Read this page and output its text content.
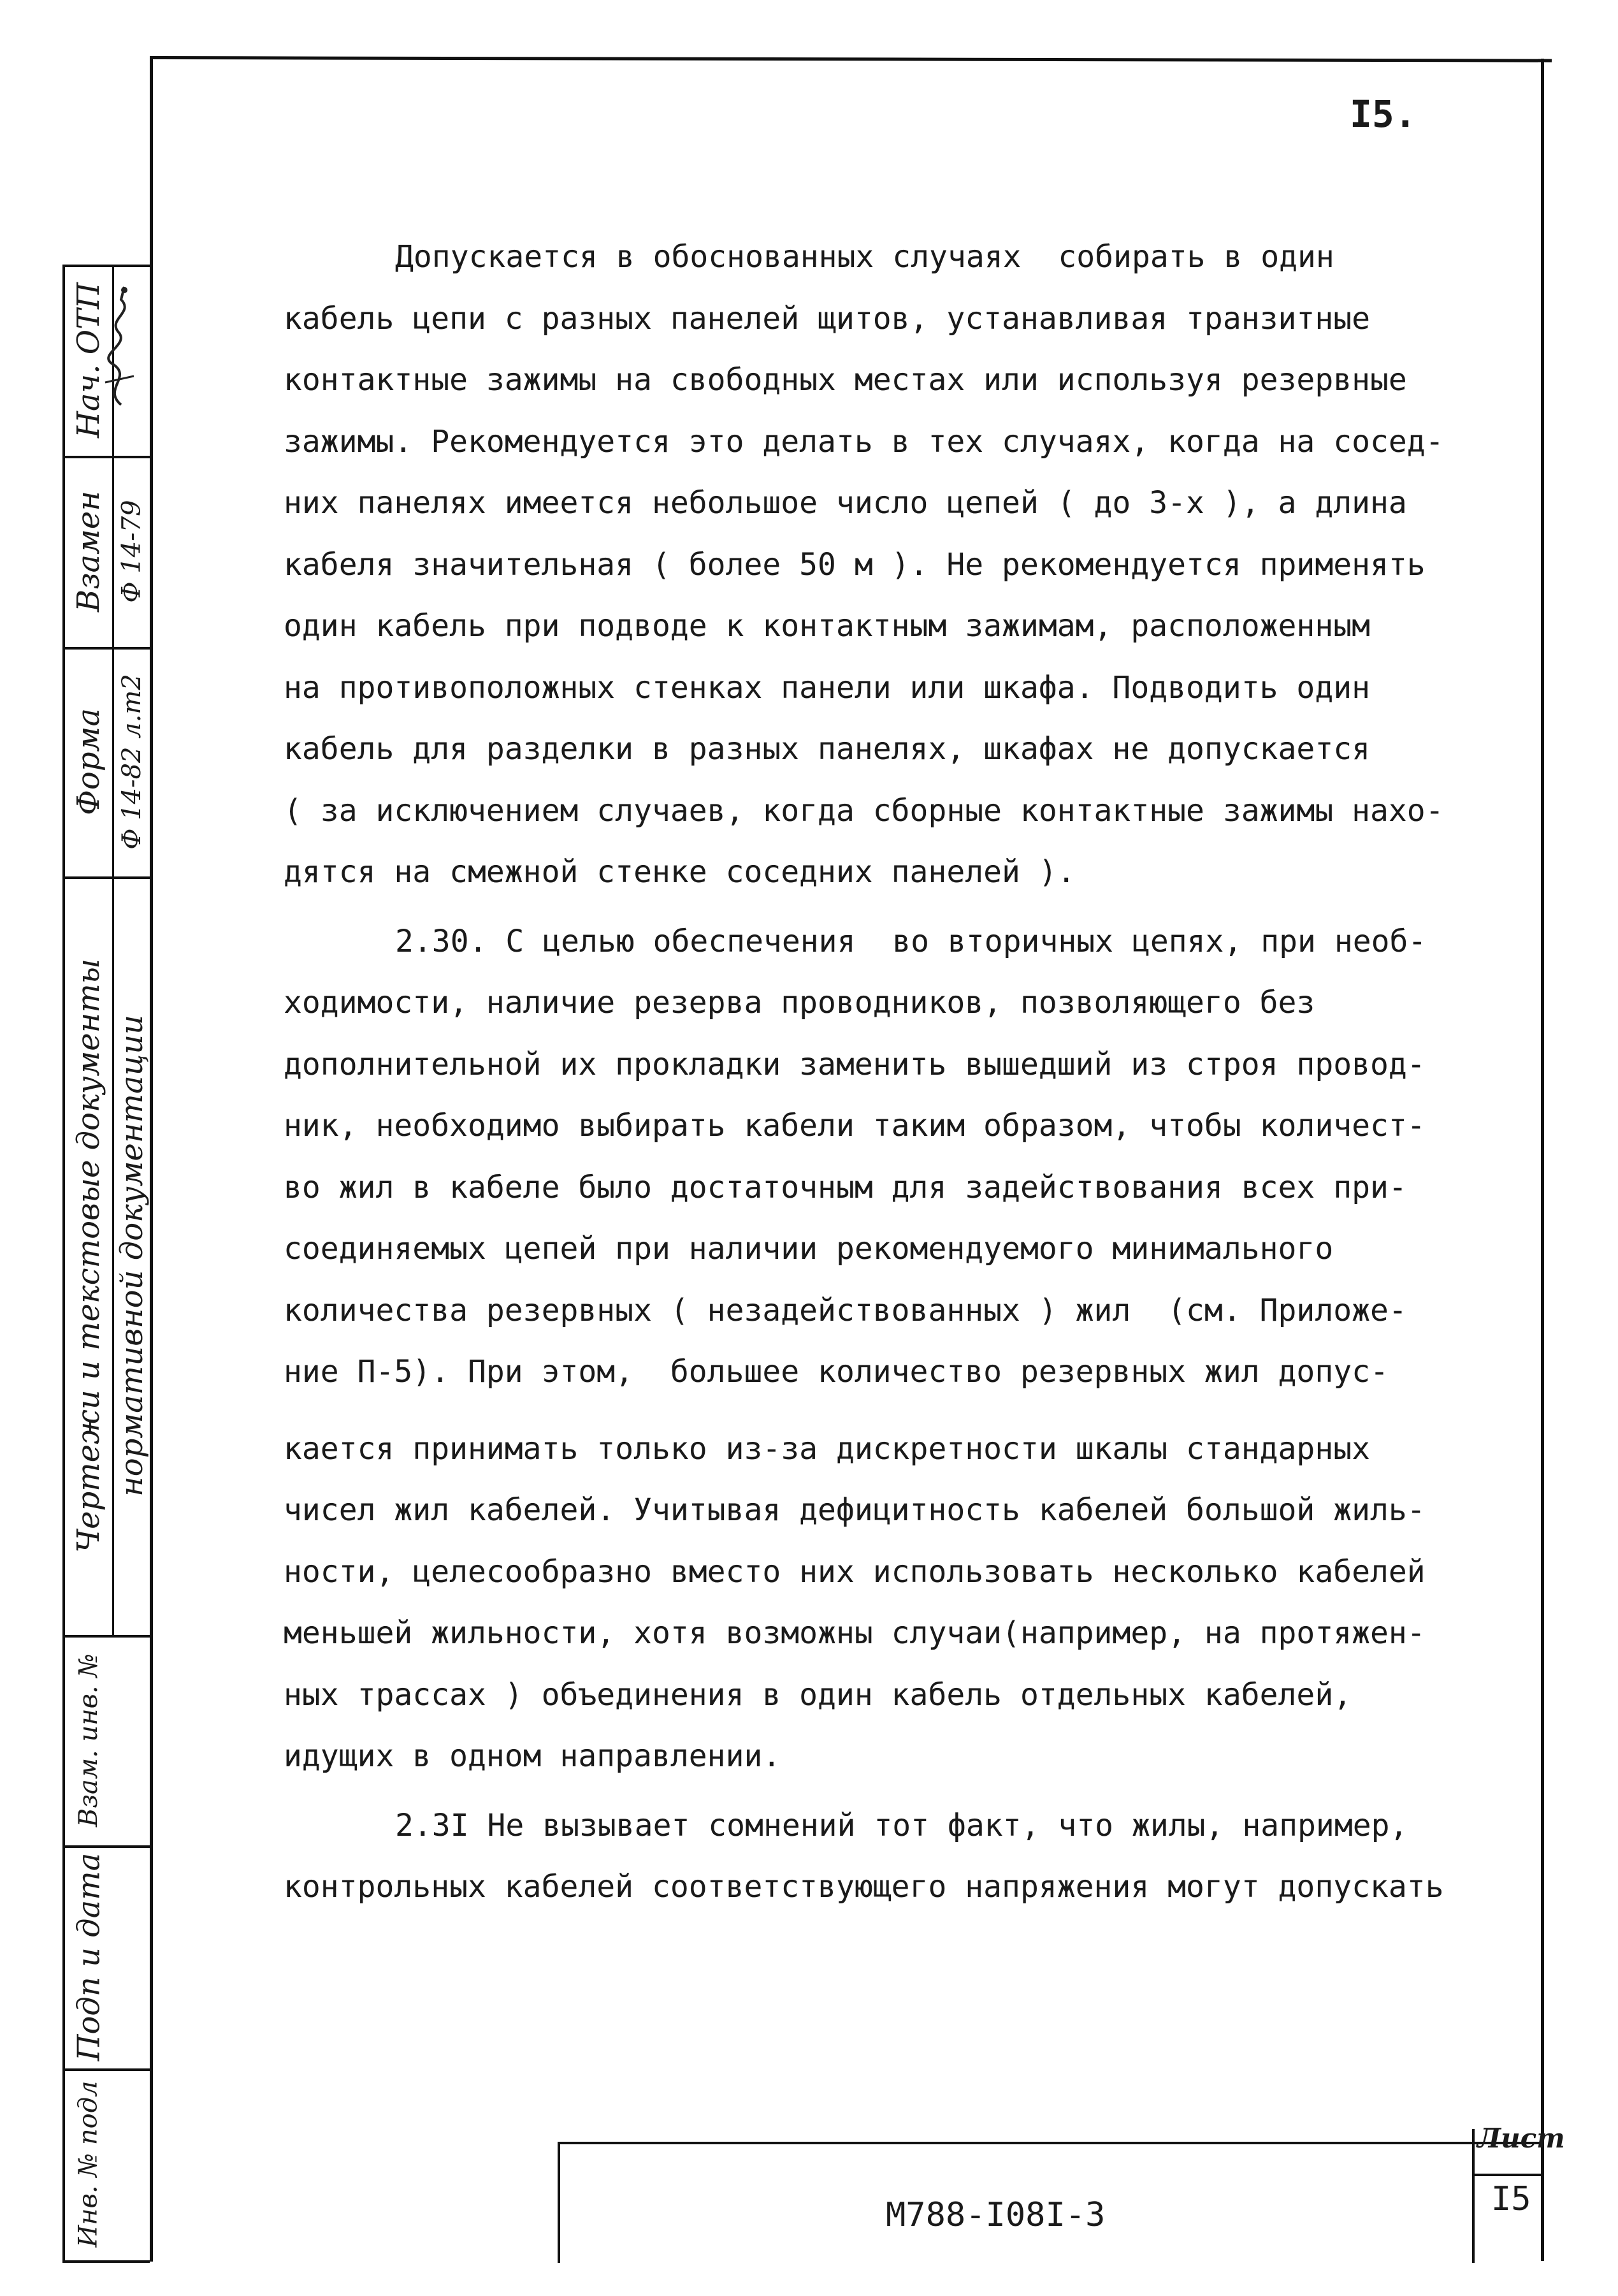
I5.
Нач. ОТП
Взамен Ф 14-79
Форма Ф 14-82 л.m2
Чертежи и текстовые документы нормативной документации
Взам. инв. №
Подп и дата
Инв. № подл
Допускается в обоснованных случаях  собирать в один
кабель цепи с разных панелей щитов, устанавливая транзитные
контактные зажимы на свободных местах или используя резервные
зажимы. Рекомендуется это делать в тех случаях, когда на сосед-
них панелях имеется небольшое число цепей ( до 3-х ), а длина
кабеля значительная ( более 50 м ). Не рекомендуется применять
один кабель при подводе к контактным зажимам, расположенным
на противоположных стенках панели или шкафа. Подводить один
кабель для разделки в разных панелях, шкафах не допускается
( за исключением случаев, когда сборные контактные зажимы нахо-
дятся на смежной стенке соседних панелей ).
2.30. С целью обеспечения  во вторичных цепях, при необ-
ходимости, наличие резерва проводников, позволяющего без
дополнительной их прокладки заменить вышедший из строя провод-
ник, необходимо выбирать кабели таким образом, чтобы количест-
во жил в кабеле было достаточным для задействования всех при-
соединяемых цепей при наличии рекомендуемого минимального
количества резервных ( незадействованных ) жил  (см. Приложе-
ние П-5). При этом,  большее количество резервных жил допус-
кается принимать только из-за дискретности шкалы стандарных
чисел жил кабелей. Учитывая дефицитность кабелей большой жиль-
ности, целесообразно вместо них использовать несколько кабелей
меньшей жильности, хотя возможны случаи(например, на протяжен-
ных трассах ) объединения в один кабель отдельных кабелей,
идущих в одном направлении.
2.3I Не вызывает сомнений тот факт, что жилы, например,
контрольных кабелей соответствующего напряжения могут допускать
М788-I08I-3
Лист
I5
